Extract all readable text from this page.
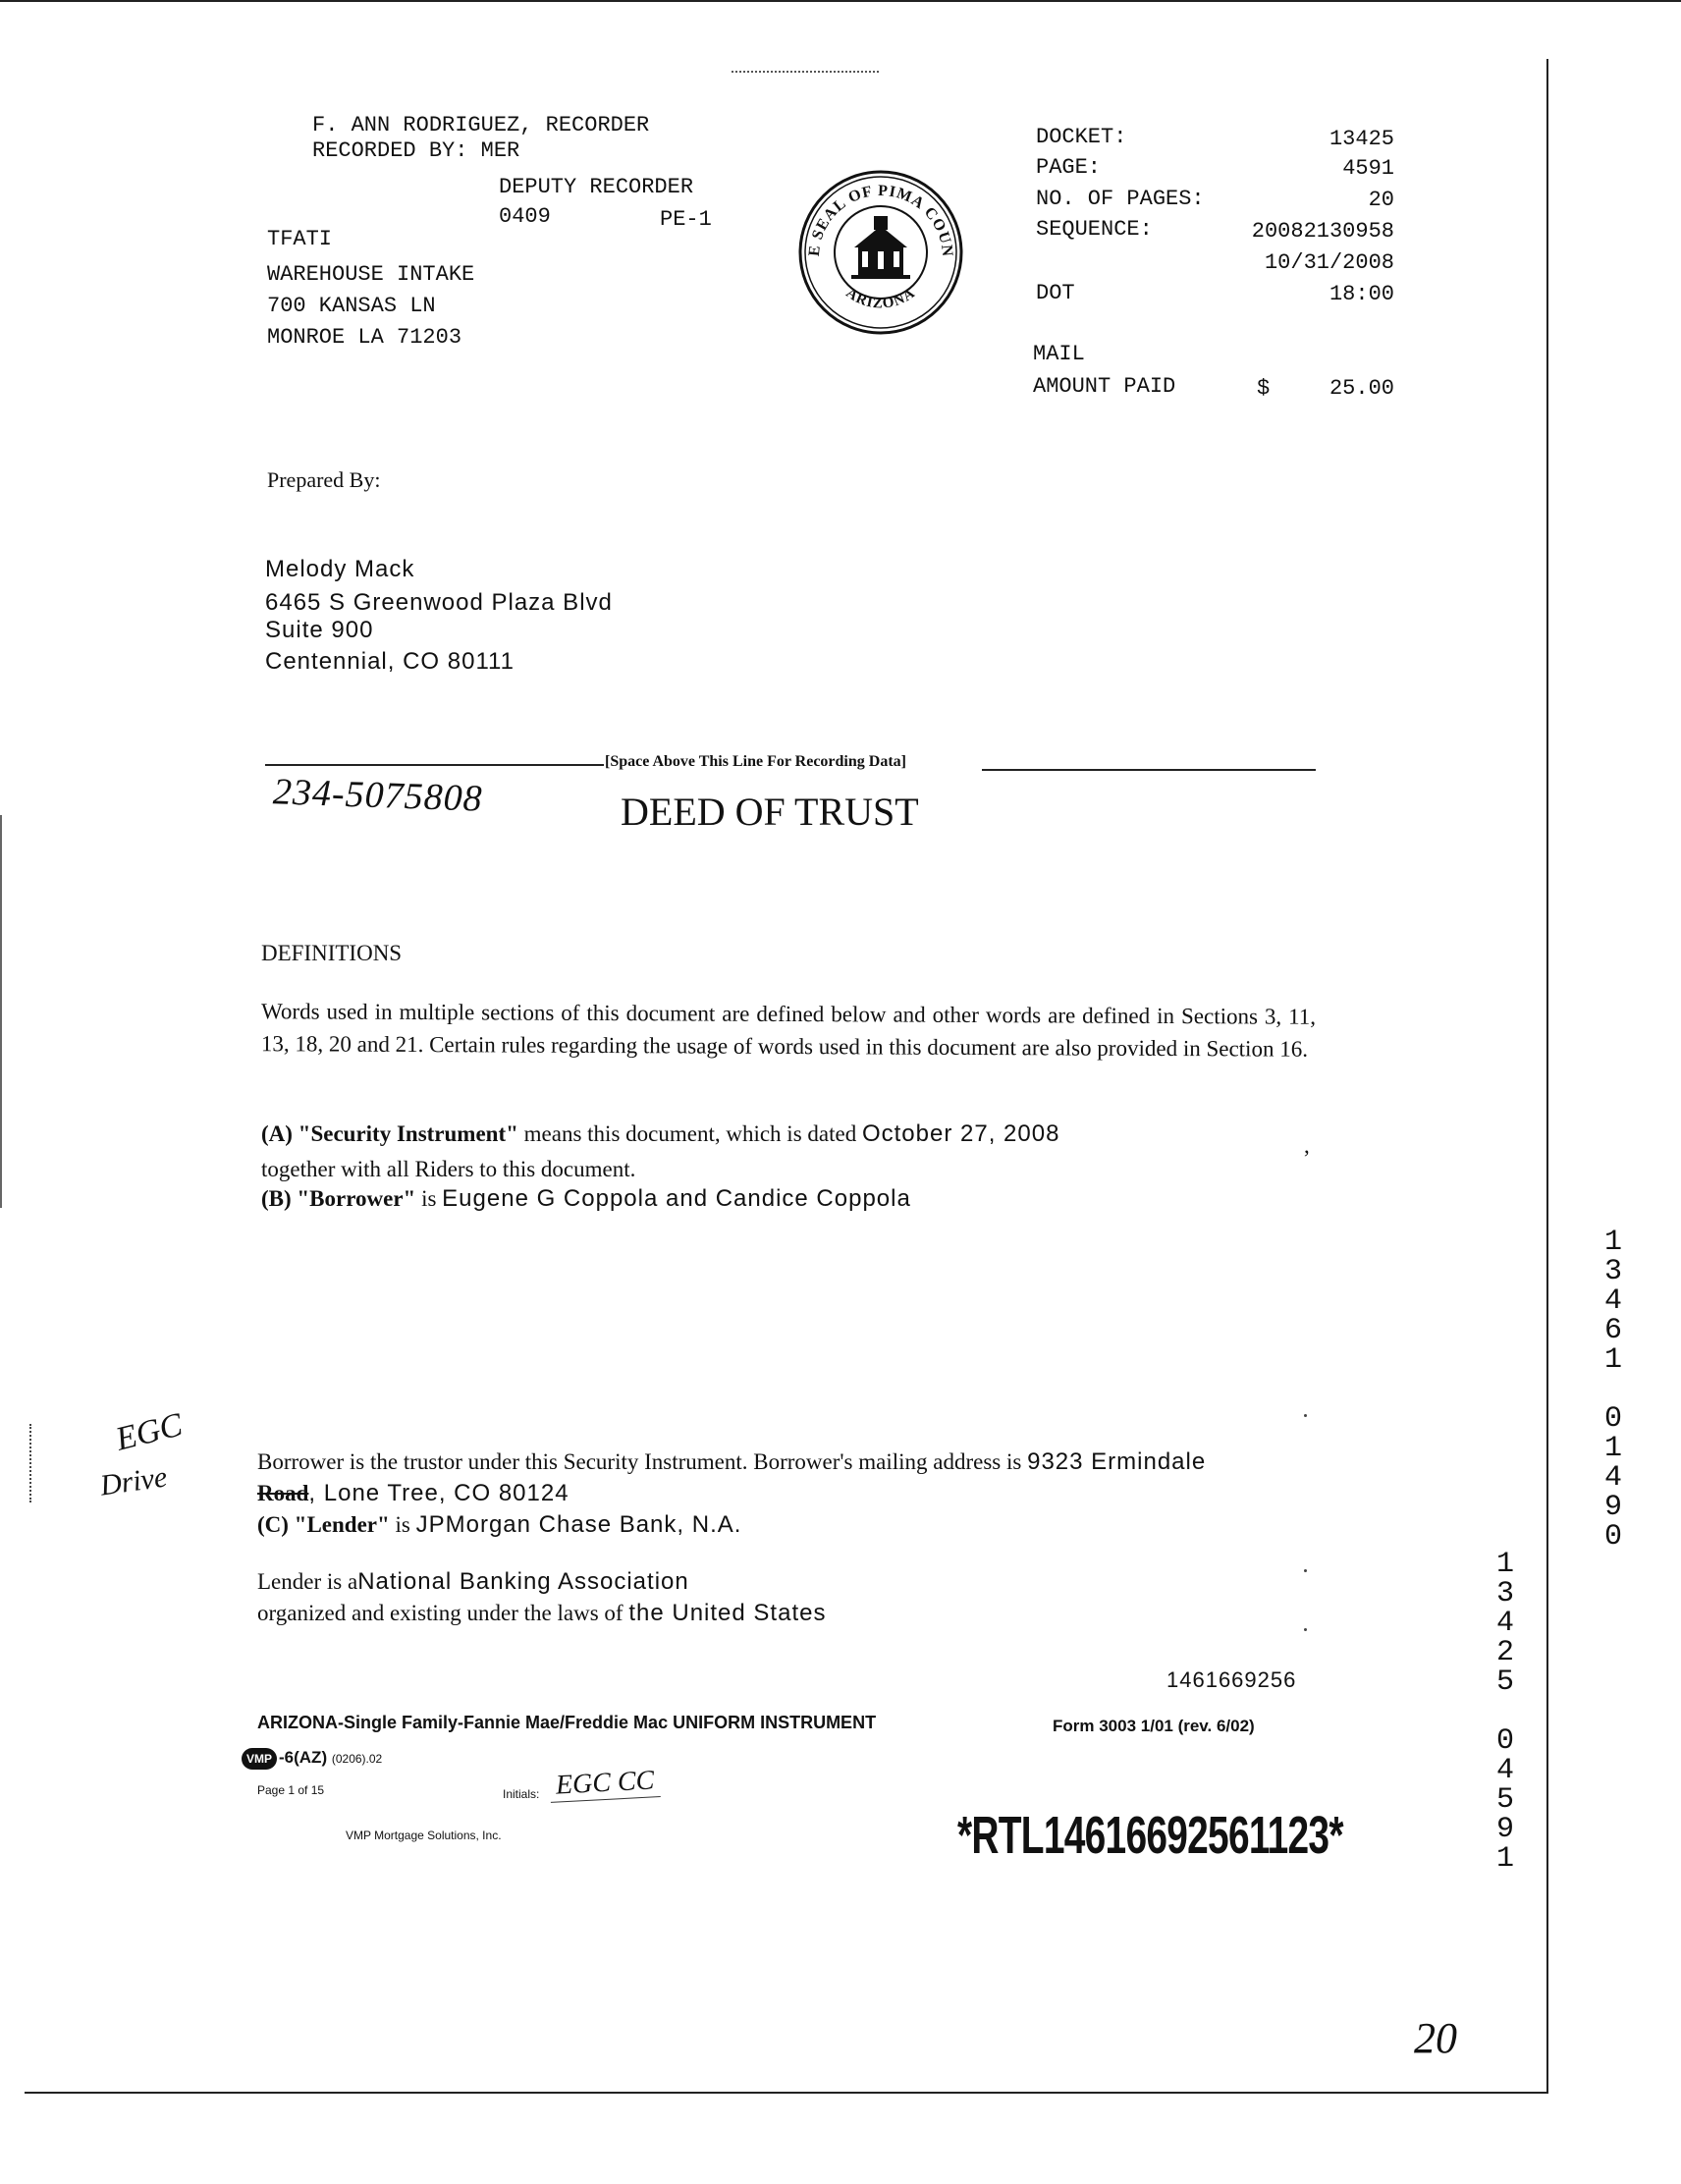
F. ANN RODRIGUEZ, RECORDER
RECORDED BY: MER
DEPUTY RECORDER
0409	PE-1
TFATI
WAREHOUSE INTAKE
700 KANSAS LN
MONROE LA 71203
E SEAL OF PIMA COUN
ARIZONA
DOCKET:	13425
PAGE:	4591
NO. OF PAGES:	20
SEQUENCE:	20082130958
10/31/2008
DOT	18:00
MAIL
AMOUNT PAID	$	25.00
Prepared By:
Melody Mack
6465 S Greenwood Plaza Blvd
Suite 900
Centennial, CO 80111
[Space Above This Line For Recording Data]
234-5075808	DEED OF TRUST
DEFINITIONS
Words used in multiple sections of this document are defined below and other words are defined in Sections 3, 11, 13, 18, 20 and 21. Certain rules regarding the usage of words used in this document are also provided in Section 16.
(A) "Security Instrument" means this document, which is dated October 27, 2008	,
together with all Riders to this document.
(B) "Borrower" is Eugene G Coppola and Candice Coppola
EGC
Drive	Borrower is the trustor under this Security Instrument. Borrower's mailing address is 9323 Ermindale
Road, Lone Tree, CO 80124
(C) "Lender" is JPMorgan Chase Bank, N.A.
Lender is aNational Banking Association
organized and existing under the laws of the United States
1
3
4
6
1

0
1
4
9
0
1
3
4
2
5

0
4
5
9
1
1461669256
ARIZONA-Single Family-Fannie Mae/Freddie Mac UNIFORM INSTRUMENT	Form 3003 1/01 (rev. 6/02)
VMP -6(AZ) (0206).02
Page 1 of 15	Initials: EGC CC
VMP Mortgage Solutions, Inc.	*RTL14616692561123*
20
